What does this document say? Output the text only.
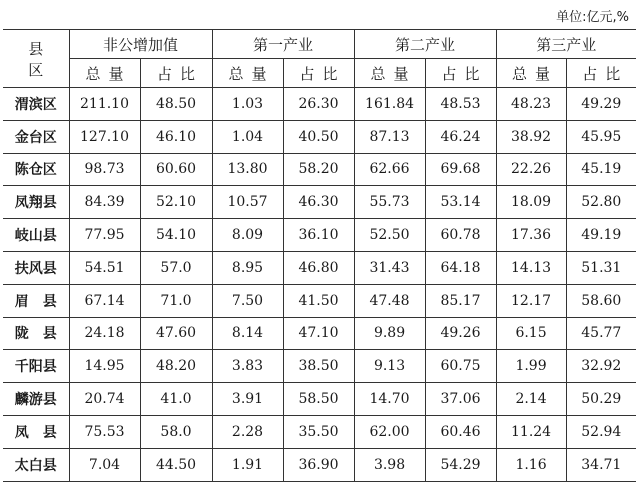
单位:亿元,%
县　区	非公增加值		第一产业		第二产业		第三产业	
	总量	占比	总量	占比	总量	占比	总量	占比
渭滨区	211.10	48.50	1.03	26.30	161.84	48.53	48.23	49.29
金台区	127.10	46.10	1.04	40.50	87.13	46.24	38.92	45.95
陈仓区	98.73	60.60	13.80	58.20	62.66	69.68	22.26	45.19
凤翔县	84.39	52.10	10.57	46.30	55.73	53.14	18.09	52.80
岐山县	77.95	54.10	8.09	36.10	52.50	60.78	17.36	49.19
扶风县	54.51	57.0	8.95	46.80	31.43	64.18	14.13	51.31
眉　县	67.14	71.0	7.50	41.50	47.48	85.17	12.17	58.60
陇　县	24.18	47.60	8.14	47.10	9.89	49.26	6.15	45.77
千阳县	14.95	48.20	3.83	38.50	9.13	60.75	1.99	32.92
麟游县	20.74	41.0	3.91	58.50	14.70	37.06	2.14	50.29
凤　县	75.53	58.0	2.28	35.50	62.00	60.46	11.24	52.94
太白县	7.04	44.50	1.91	36.90	3.98	54.29	1.16	34.71
